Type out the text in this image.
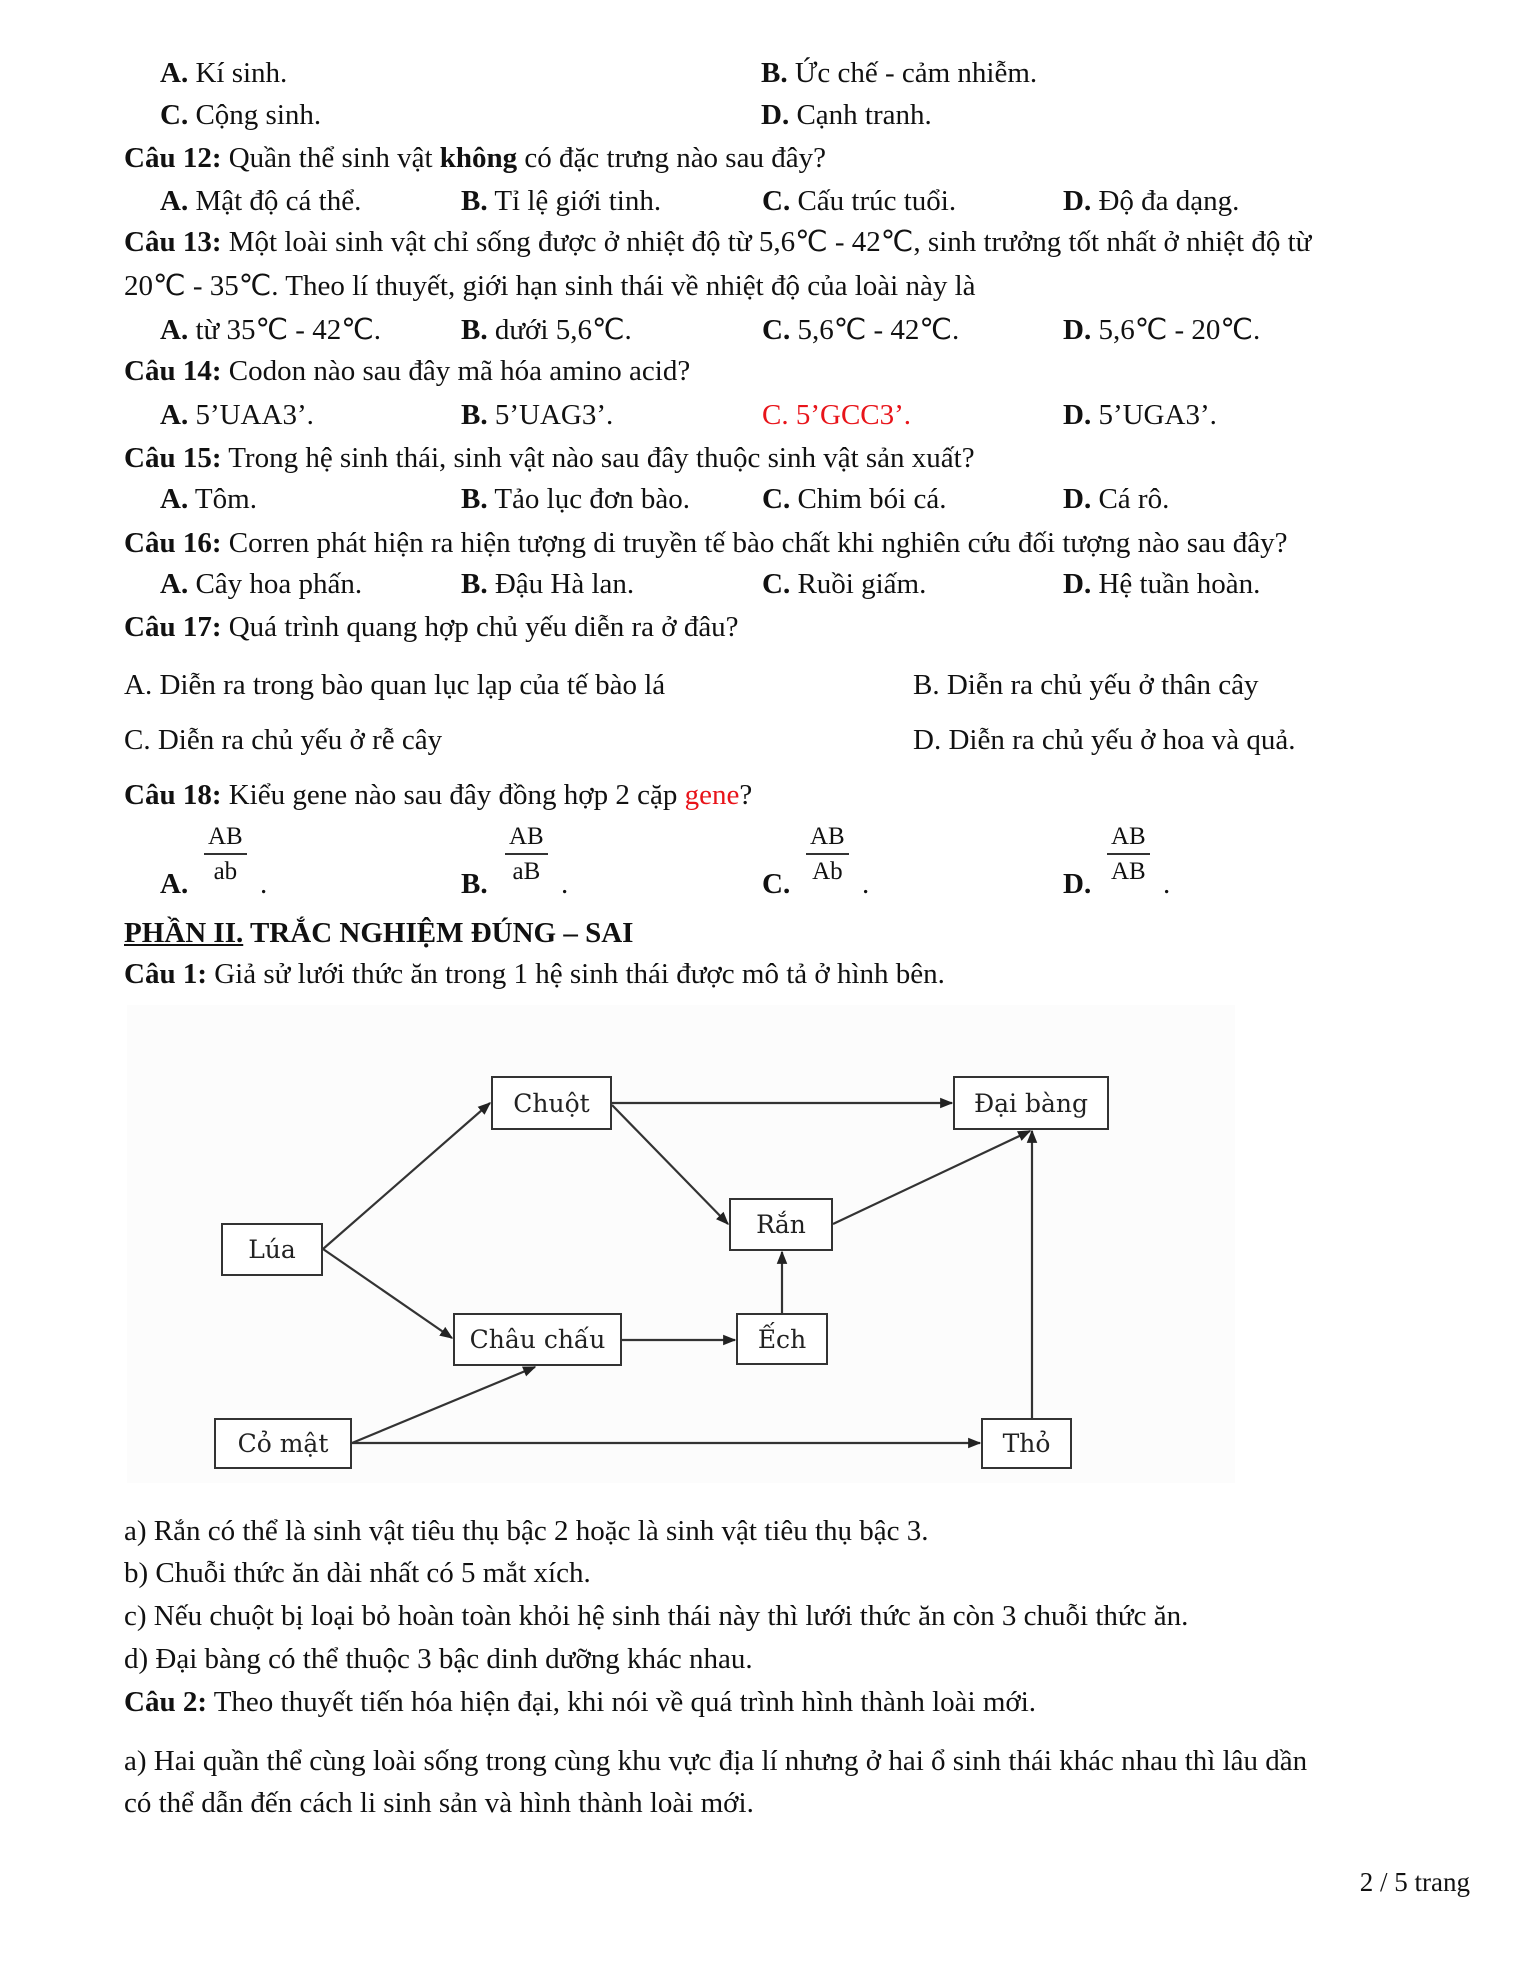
A. Kí sinh.	B. Ức chế - cảm nhiễm.
C. Cộng sinh.	D. Cạnh tranh.
Câu 12: Quần thể sinh vật không có đặc trưng nào sau đây?
A. Mật độ cá thể.	B. Tỉ lệ giới tinh.	C. Cấu trúc tuổi.	D. Độ đa dạng.
Câu 13: Một loài sinh vật chỉ sống được ở nhiệt độ từ 5,6℃ - 42℃, sinh trưởng tốt nhất ở nhiệt độ từ
20℃ - 35℃. Theo lí thuyết, giới hạn sinh thái về nhiệt độ của loài này là
A. từ 35℃ - 42℃.	B. dưới 5,6℃.	C. 5,6℃ - 42℃.	D. 5,6℃ - 20℃.
Câu 14: Codon nào sau đây mã hóa amino acid?
A. 5’UAA3’.	B. 5’UAG3’.	C. 5’GCC3’.	D. 5’UGA3’.
Câu 15: Trong hệ sinh thái, sinh vật nào sau đây thuộc sinh vật sản xuất?
A. Tôm.	B. Tảo lục đơn bào. C. Chim bói cá.	D. Cá rô.
Câu 16: Corren phát hiện ra hiện tượng di truyền tế bào chất khi nghiên cứu đối tượng nào sau đây?
A. Cây hoa phấn.	B. Đậu Hà lan.	C. Ruồi giấm.	D. Hệ tuần hoàn.
Câu 17: Quá trình quang hợp chủ yếu diễn ra ở đâu?
A. Diễn ra trong bào quan lục lạp của tế bào lá	B. Diễn ra chủ yếu ở thân cây
C. Diễn ra chủ yếu ở rễ cây	D. Diễn ra chủ yếu ở hoa và quả.
Câu 18: Kiểu gene nào sau đây đồng hợp 2 cặp gene?
A.
AB
ab .	B.
AB
aB .	C.
AB
Ab .	D.
AB
AB .
PHẦN II. TRẮC NGHIỆM ĐÚNG – SAI
Câu 1: Giả sử lưới thức ăn trong 1 hệ sinh thái được mô tả ở hình bên.
Chuột	Đại bàng
Lúa
Rắn
Châu chấu	Ếch
Cỏ mật	Thỏ
a) Rắn có thể là sinh vật tiêu thụ bậc 2 hoặc là sinh vật tiêu thụ bậc 3.
b) Chuỗi thức ăn dài nhất có 5 mắt xích.
c) Nếu chuột bị loại bỏ hoàn toàn khỏi hệ sinh thái này thì lưới thức ăn còn 3 chuỗi thức ăn.
d) Đại bàng có thể thuộc 3 bậc dinh dưỡng khác nhau.
Câu 2: Theo thuyết tiến hóa hiện đại, khi nói về quá trình hình thành loài mới.
a) Hai quần thể cùng loài sống trong cùng khu vực địa lí nhưng ở hai ổ sinh thái khác nhau thì lâu dần
có thể dẫn đến cách li sinh sản và hình thành loài mới.
2 / 5 trang
